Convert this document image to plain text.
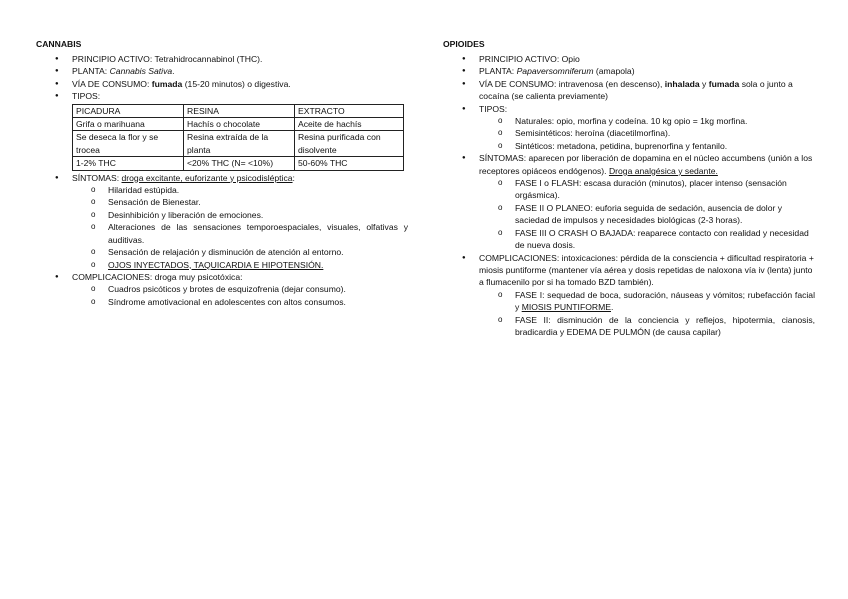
CANNABIS
● PRINCIPIO ACTIVO: Tetrahidrocannabinol (THC).
● PLANTA: Cannabis Sativa.
● VÍA DE CONSUMO: fumada (15-20 minutos) o digestiva.
● TIPOS:
PICADURA	RESINA	EXTRACTO
Grifa o marihuana	Hachís o chocolate	Aceite de hachís
Se deseca la flor y se trocea	Resina extraída de la planta	Resina purificada con disolvente
1-2% THC	<20% THC (N= <10%)	50-60% THC
● SÍNTOMAS: droga excitante, euforizante y psicodisléptica:
o Hilaridad estúpida.
o Sensación de Bienestar.
o Desinhibición y liberación de emociones.
o Alteraciones de las sensaciones temporoespaciales, visuales, olfativas y auditivas.
o Sensación de relajación y disminución de atención al entorno.
o OJOS INYECTADOS, TAQUICARDIA E HIPOTENSIÓN.
● COMPLICACIONES: droga muy psicotóxica:
o Cuadros psicóticos y brotes de esquizofrenia (dejar consumo).
o Síndrome amotivacional en adolescentes con altos consumos.
OPIOIDES
● PRINCIPIO ACTIVO: Opio
● PLANTA: Papaversomniferum (amapola)
● VÍA DE CONSUMO: intravenosa (en descenso), inhalada y fumada sola o junto a cocaína (se calienta previamente)
● TIPOS:
o Naturales: opio, morfina y codeína. 10 kg opio = 1kg morfina.
o Semisintéticos: heroína (diacetilmorfina).
o Sintéticos: metadona, petidina, buprenorfina y fentanilo.
● SÍNTOMAS: aparecen por liberación de dopamina en el núcleo accumbens (unión a los receptores opiáceos endógenos). Droga analgésica y sedante.
o FASE I o FLASH: escasa duración (minutos), placer intenso (sensación orgásmica).
o FASE II O PLANEO: euforia seguida de sedación, ausencia de dolor y saciedad de impulsos y necesidades biológicas (2-3 horas).
o FASE III O CRASH O BAJADA: reaparece contacto con realidad y necesidad de nueva dosis.
● COMPLICACIONES: intoxicaciones: pérdida de la consciencia + dificultad respiratoria + miosis puntiforme (mantener vía aérea y dosis repetidas de naloxona vía iv (lenta) junto a flumacenilo por si ha tomado BZD también).
o FASE I: sequedad de boca, sudoración, náuseas y vómitos; rubefacción facial y MIOSIS PUNTIFORME.
o FASE II: disminución de la conciencia y reflejos, hipotermia, cianosis, bradicardia y EDEMA DE PULMÓN (de causa capilar)
